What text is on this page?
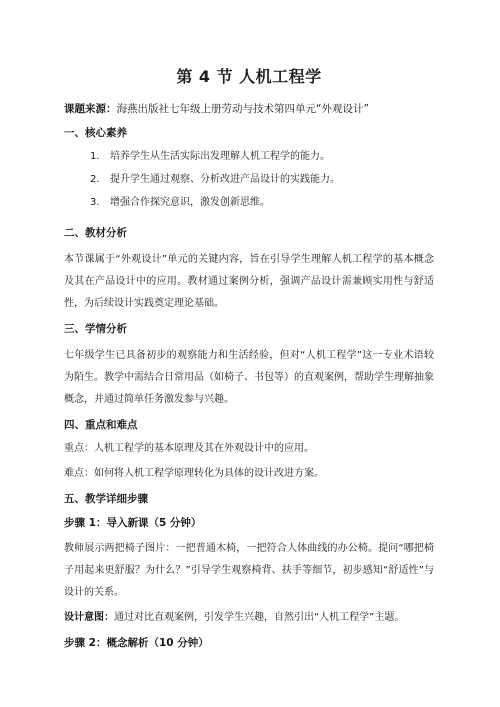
第 4 节 人机工程学
课题来源：海燕出版社七年级上册劳动与技术第四单元“外观设计”
一、核心素养
1.	培养学生从生活实际出发理解人机工程学的能力。
2.	提升学生通过观察、分析改进产品设计的实践能力。
3.	增强合作探究意识，激发创新思维。
二、教材分析
本节课属于“外观设计”单元的关键内容，旨在引导学生理解人机工程学的基本概念及其在产品设计中的应用。教材通过案例分析，强调产品设计需兼顾实用性与舒适性，为后续设计实践奠定理论基础。
三、学情分析
七年级学生已具备初步的观察能力和生活经验，但对“人机工程学”这一专业术语较为陌生。教学中需结合日常用品（如椅子、书包等）的直观案例，帮助学生理解抽象概念，并通过简单任务激发参与兴趣。
四、重点和难点
重点：人机工程学的基本原理及其在外观设计中的应用。
难点：如何将人机工程学原理转化为具体的设计改进方案。
五、教学详细步骤
步骤 1：导入新课（5 分钟）
教师展示两把椅子图片：一把普通木椅，一把符合人体曲线的办公椅。提问“哪把椅子用起来更舒服？为什么？”引导学生观察椅背、扶手等细节，初步感知“舒适性”与设计的关系。
设计意图：通过对比直观案例，引发学生兴趣，自然引出“人机工程学”主题。
步骤 2：概念解析（10 分钟）
